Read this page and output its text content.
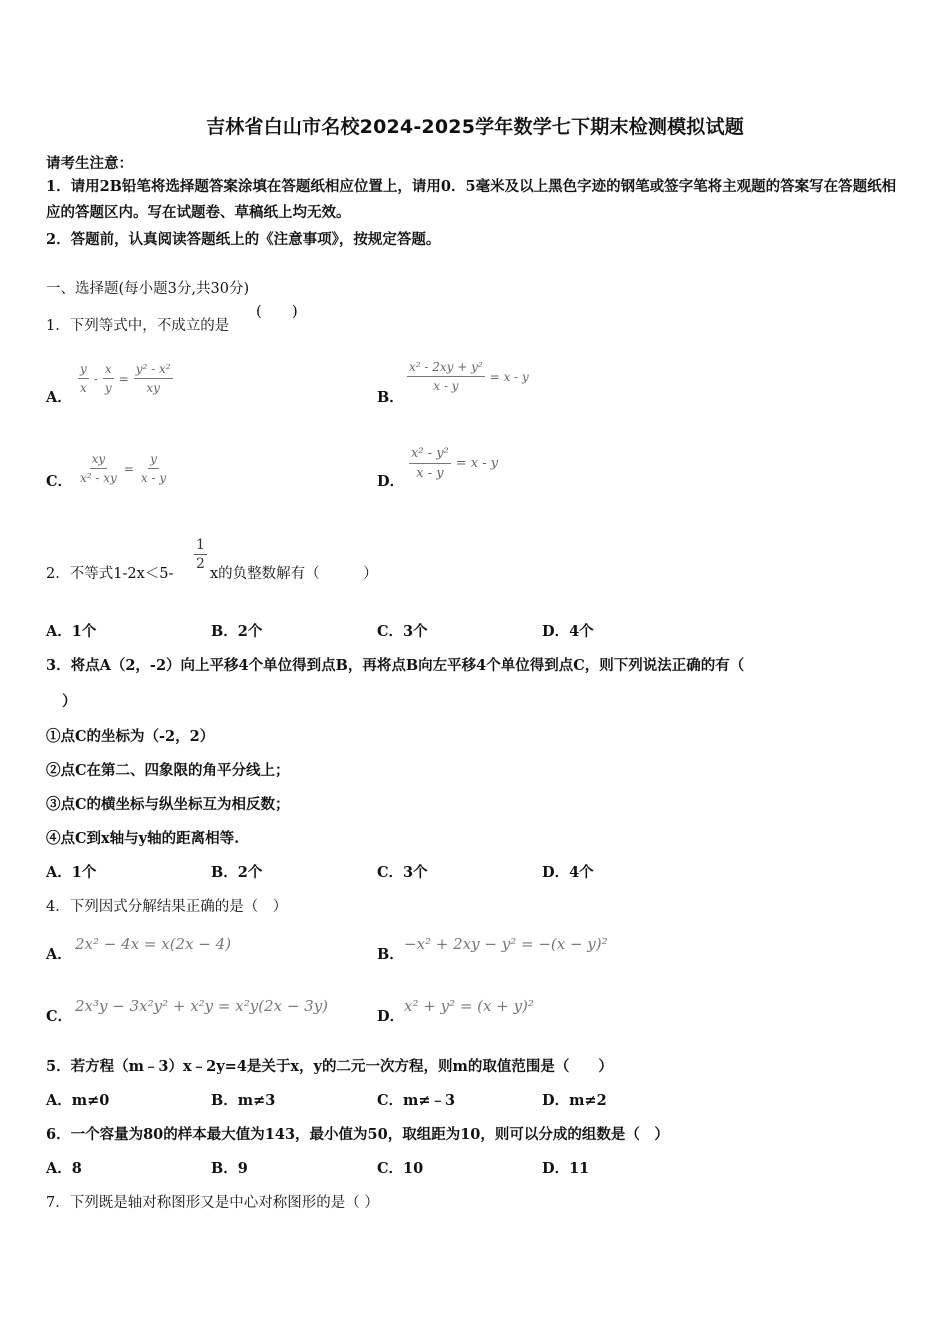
吉林省白山市名校2024-2025学年数学七下期末检测模拟试题
请考生注意：
1．请用2B铅笔将选择题答案涂填在答题纸相应位置上，请用0．5毫米及以上黑色字迹的钢笔或签字笔将主观题的答案写在答题纸相应的答题区内。写在试题卷、草稿纸上均无效。
2．答题前，认真阅读答题纸上的《注意事项》，按规定答题。
一、选择题(每小题3分,共30分)
1．下列等式中，不成立的是
(　　)
A．
$\frac{y}{x} - \frac{x}{y} = \frac{\text{y² - x²}}{xy}$
B．
$\frac{\text{x² - 2xy + y²}}{x - y} = x - y$
C． $\frac{xy}{\text{x² - xy}} = \frac{y}{x - y}$	D．
$\frac{\text{x² - y²}}{x - y} = x - y$
2．不等式1-2x＜5-
$\frac{1}{2}$
x的负整数解有（　　　）
A．1个	B．2个	C．3个	D．4个
3．将点A（2，-2）向上平移4个单位得到点B，再将点B向左平移4个单位得到点C，则下列说法正确的有（
）
①点C的坐标为（-2，2）
②点C在第二、四象限的角平分线上；
③点C的横坐标与纵坐标互为相反数；
④点C到x轴与y轴的距离相等.
A．1个	B．2个	C．3个	D．4个
4．下列因式分解结果正确的是（　）
A．
2x² − 4x = x(2x − 4)
B．
−x² + 2xy − y² = −(x − y)²
C．
2x³y − 3x²y² + x²y = x²y(2x − 3y)
D．
x² + y² = (x + y)²
5．若方程（m﹣3）x﹣2y=4是关于x，y的二元一次方程，则m的取值范围是（　　）
A．m≠0	B．m≠3	C．m≠﹣3	D．m≠2
6．一个容量为80的样本最大值为143，最小值为50，取组距为10，则可以分成的组数是（　）
A．8	B．9	C．10	D．11
7．下列既是轴对称图形又是中心对称图形的是（ ）
